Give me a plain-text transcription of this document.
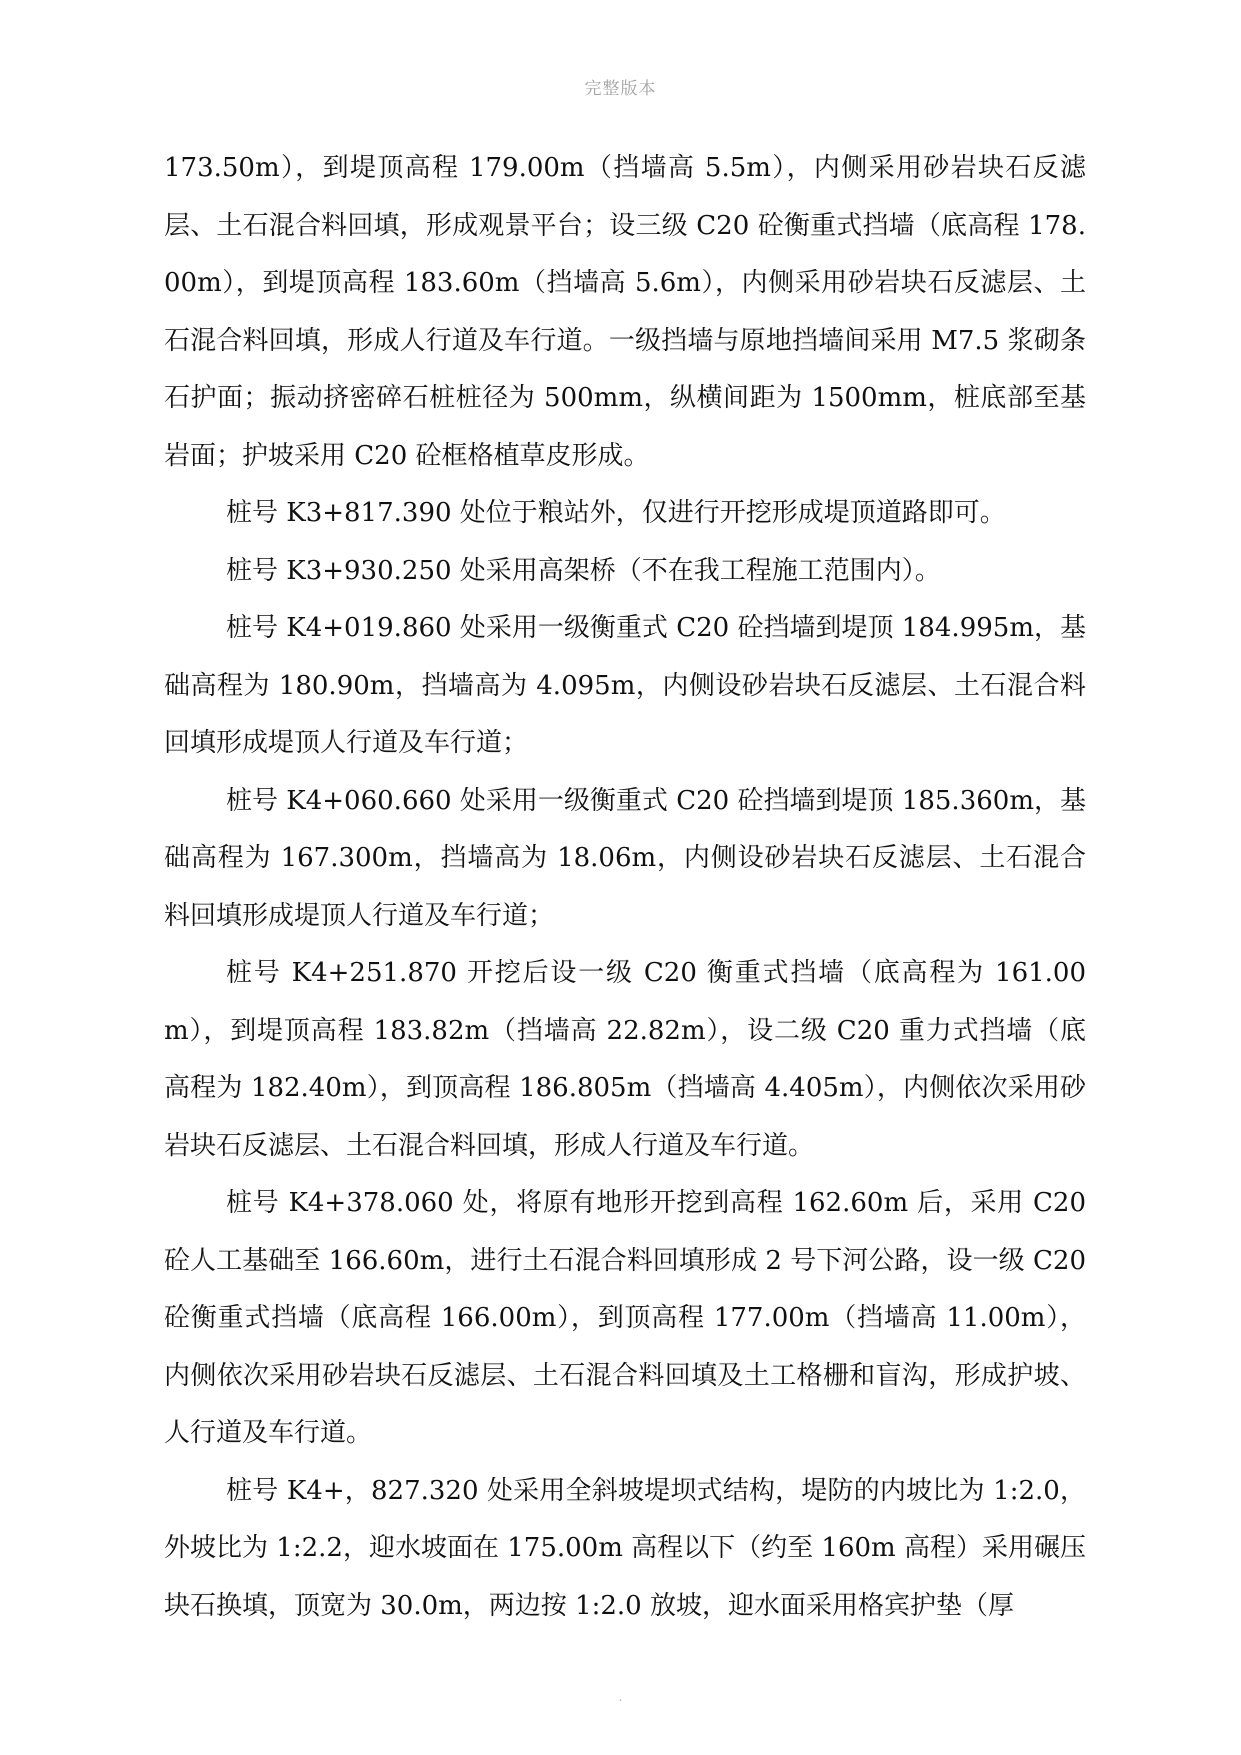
完整版本

173.50m），到堤顶高程 179.00m（挡墙高 5.5m），内侧采用砂岩块石反滤层、土石混合料回填，形成观景平台；设三级 C20 砼衡重式挡墙（底高程 178.00m），到堤顶高程 183.60m（挡墙高 5.6m），内侧采用砂岩块石反滤层、土石混合料回填，形成人行道及车行道。一级挡墙与原地挡墙间采用 M7.5 浆砌条石护面；振动挤密碎石桩桩径为 500mm，纵横间距为 1500mm，桩底部至基岩面；护坡采用 C20 砼框格植草皮形成。

桩号 K3+817.390 处位于粮站外，仅进行开挖形成堤顶道路即可。

桩号 K3+930.250 处采用高架桥（不在我工程施工范围内）。

桩号 K4+019.860 处采用一级衡重式 C20 砼挡墙到堤顶 184.995m，基础高程为 180.90m，挡墙高为 4.095m，内侧设砂岩块石反滤层、土石混合料回填形成堤顶人行道及车行道；

桩号 K4+060.660 处采用一级衡重式 C20 砼挡墙到堤顶 185.360m，基础高程为 167.300m，挡墙高为 18.06m，内侧设砂岩块石反滤层、土石混合料回填形成堤顶人行道及车行道；

桩号 K4+251.870 开挖后设一级 C20 衡重式挡墙（底高程为 161.00m），到堤顶高程 183.82m（挡墙高 22.82m），设二级 C20 重力式挡墙（底高程为 182.40m），到顶高程 186.805m（挡墙高 4.405m），内侧依次采用砂岩块石反滤层、土石混合料回填，形成人行道及车行道。

桩号 K4+378.060 处，将原有地形开挖到高程 162.60m 后，采用 C20 砼人工基础至 166.60m，进行土石混合料回填形成 2 号下河公路，设一级 C20 砼衡重式挡墙（底高程 166.00m），到顶高程 177.00m（挡墙高 11.00m），内侧依次采用砂岩块石反滤层、土石混合料回填及土工格栅和盲沟，形成护坡、人行道及车行道。

桩号 K4+，827.320 处采用全斜坡堤坝式结构，堤防的内坡比为 1:2.0，外坡比为 1:2.2，迎水坡面在 175.00m 高程以下（约至 160m 高程）采用碾压块石换填，顶宽为 30.0m，两边按 1:2.0 放坡，迎水面采用格宾护垫（厚

.
